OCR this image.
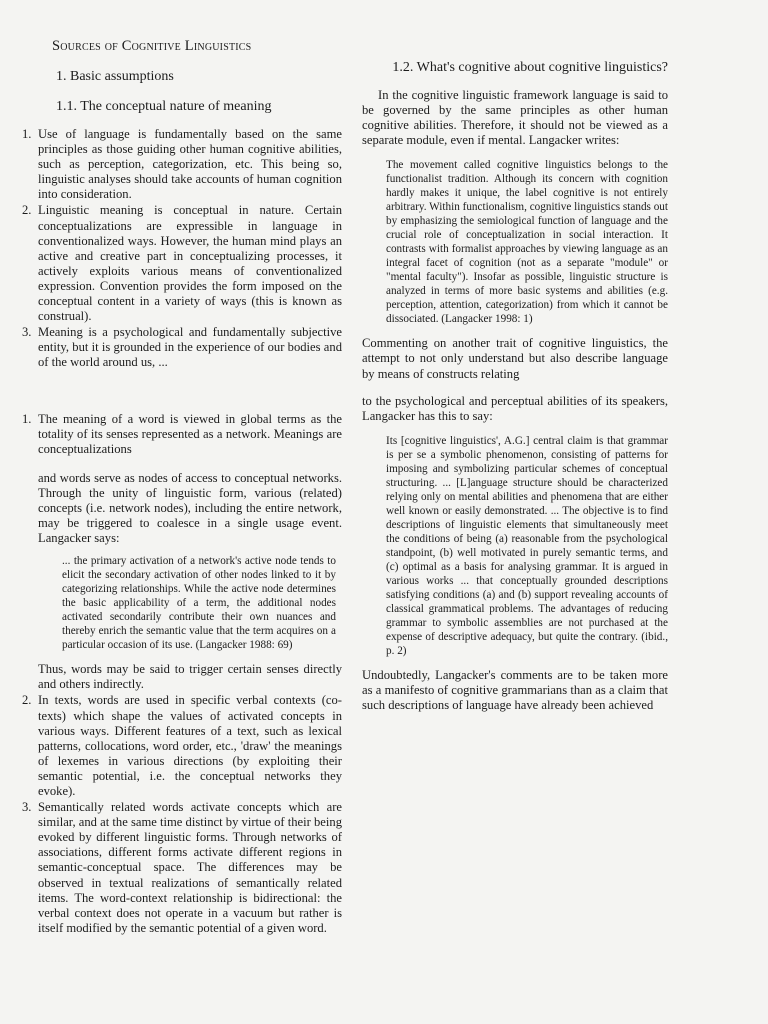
Sources of Cognitive Linguistics
1. Basic assumptions
1.1. The conceptual nature of meaning
1. Use of language is fundamentally based on the same principles as those guiding other human cognitive abilities, such as perception, categorization, etc. This being so, linguistic analyses should take accounts of human cognition into consideration.
2. Linguistic meaning is conceptual in nature. Certain conceptualizations are expressible in language in conventionalized ways. However, the human mind plays an active and creative part in conceptualizing processes, it actively exploits various means of conventionalized expression. Convention provides the form imposed on the conceptual content in a variety of ways (this is known as construal).
3. Meaning is a psychological and fundamentally subjective entity, but it is grounded in the experience of our bodies and of the world around us, ...
1. The meaning of a word is viewed in global terms as the totality of its senses represented as a network. Meanings are conceptualizations
and words serve as nodes of access to conceptual networks. Through the unity of linguistic form, various (related) concepts (i.e. network nodes), including the entire network, may be triggered to coalesce in a single usage event. Langacker says:
... the primary activation of a network's active node tends to elicit the secondary activation of other nodes linked to it by categorizing relationships. While the active node determines the basic applicability of a term, the additional nodes activated secondarily contribute their own nuances and thereby enrich the semantic value that the term acquires on a particular occasion of its use. (Langacker 1988: 69)

Thus, words may be said to trigger certain senses directly and others indirectly.

2. In texts, words are used in specific verbal contexts (co-texts) which shape the values of activated concepts in various ways. Different features of a text, such as lexical patterns, collocations, word order, etc., 'draw' the meanings of lexemes in various directions (by exploiting their semantic potential, i.e. the conceptual networks they evoke).
3. Semantically related words activate concepts which are similar, and at the same time distinct by virtue of their being evoked by different linguistic forms. Through networks of associations, different forms activate different regions in semantic-conceptual space. The differences may be observed in textual realizations of semantically related items. The word-context relationship is bidirectional: the verbal context does not operate in a vacuum but rather is itself modified by the semantic potential of a given word.
1.2. What's cognitive about cognitive linguistics?

In the cognitive linguistic framework language is said to be governed by the same principles as other human cognitive abilities. Therefore, it should not be viewed as a separate module, even if mental. Langacker writes:

The movement called cognitive linguistics belongs to the functionalist tradition. Although its concern with cognition hardly makes it unique, the label cognitive is not entirely arbitrary. Within functionalism, cognitive linguistics stands out by emphasizing the semiological function of language and the crucial role of conceptualization in social interaction. It contrasts with formalist approaches by viewing language as an integral facet of cognition (not as a separate "module" or "mental faculty"). Insofar as possible, linguistic structure is analyzed in terms of more basic systems and abilities (e.g. perception, attention, categorization) from which it cannot be dissociated. (Langacker 1998: 1)

Commenting on another trait of cognitive linguistics, the attempt to not only understand but also describe language by means of constructs relating

to the psychological and perceptual abilities of its speakers, Langacker has this to say:

Its [cognitive linguistics', A.G.] central claim is that grammar is per se a symbolic phenomenon, consisting of patterns for imposing and symbolizing particular schemes of conceptual structuring. ... [L]anguage structure should be characterized relying only on mental abilities and phenomena that are either well known or easily demonstrated. ... The objective is to find descriptions of linguistic elements that simultaneously meet the conditions of being (a) reasonable from the psychological standpoint, (b) well motivated in purely semantic terms, and (c) optimal as a basis for analysing grammar. It is argued in various works ... that conceptually grounded descriptions satisfying conditions (a) and (b) support revealing accounts of classical grammatical problems. The advantages of reducing grammar to symbolic assemblies are not purchased at the expense of descriptive adequacy, but quite the contrary. (ibid., p. 2)

Undoubtedly, Langacker's comments are to be taken more as a manifesto of cognitive grammarians than as a claim that such descriptions of language have already been achieved
